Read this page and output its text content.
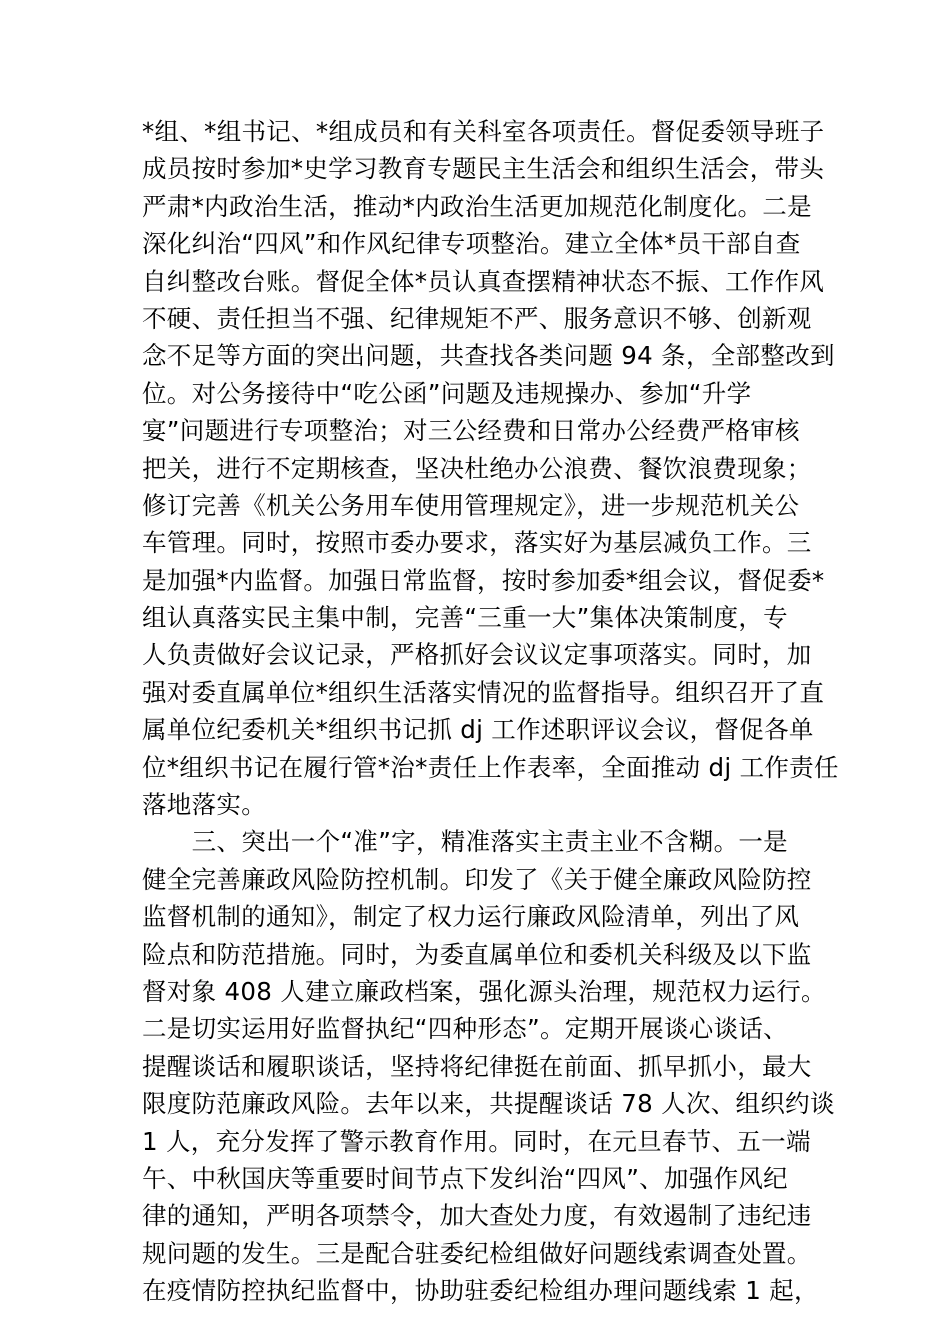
*组、*组书记、*组成员和有关科室各项责任。督促委领导班子
成员按时参加*史学习教育专题民主生活会和组织生活会，带头
严肃*内政治生活，推动*内政治生活更加规范化制度化。二是
深化纠治“四风”和作风纪律专项整治。建立全体*员干部自查
自纠整改台账。督促全体*员认真查摆精神状态不振、工作作风
不硬、责任担当不强、纪律规矩不严、服务意识不够、创新观
念不足等方面的突出问题，共查找各类问题 94 条，全部整改到
位。对公务接待中“吃公函”问题及违规操办、参加“升学
宴”问题进行专项整治；对三公经费和日常办公经费严格审核
把关，进行不定期核查，坚决杜绝办公浪费、餐饮浪费现象；
修订完善《机关公务用车使用管理规定》，进一步规范机关公
车管理。同时，按照市委办要求，落实好为基层减负工作。三
是加强*内监督。加强日常监督，按时参加委*组会议，督促委*
组认真落实民主集中制，完善“三重一大”集体决策制度，专
人负责做好会议记录，严格抓好会议议定事项落实。同时，加
强对委直属单位*组织生活落实情况的监督指导。组织召开了直
属单位纪委机关*组织书记抓 dj 工作述职评议会议，督促各单
位*组织书记在履行管*治*责任上作表率，全面推动 dj 工作责任
落地落实。
　　三、突出一个“准”字，精准落实主责主业不含糊。一是
健全完善廉政风险防控机制。印发了《关于健全廉政风险防控
监督机制的通知》，制定了权力运行廉政风险清单，列出了风
险点和防范措施。同时，为委直属单位和委机关科级及以下监
督对象 408 人建立廉政档案，强化源头治理，规范权力运行。
二是切实运用好监督执纪“四种形态”。定期开展谈心谈话、
提醒谈话和履职谈话，坚持将纪律挺在前面、抓早抓小，最大
限度防范廉政风险。去年以来，共提醒谈话 78 人次、组织约谈
1 人，充分发挥了警示教育作用。同时，在元旦春节、五一端
午、中秋国庆等重要时间节点下发纠治“四风”、加强作风纪
律的通知，严明各项禁令，加大查处力度，有效遏制了违纪违
规问题的发生。三是配合驻委纪检组做好问题线索调查处置。
在疫情防控执纪监督中，协助驻委纪检组办理问题线索 1 起，
